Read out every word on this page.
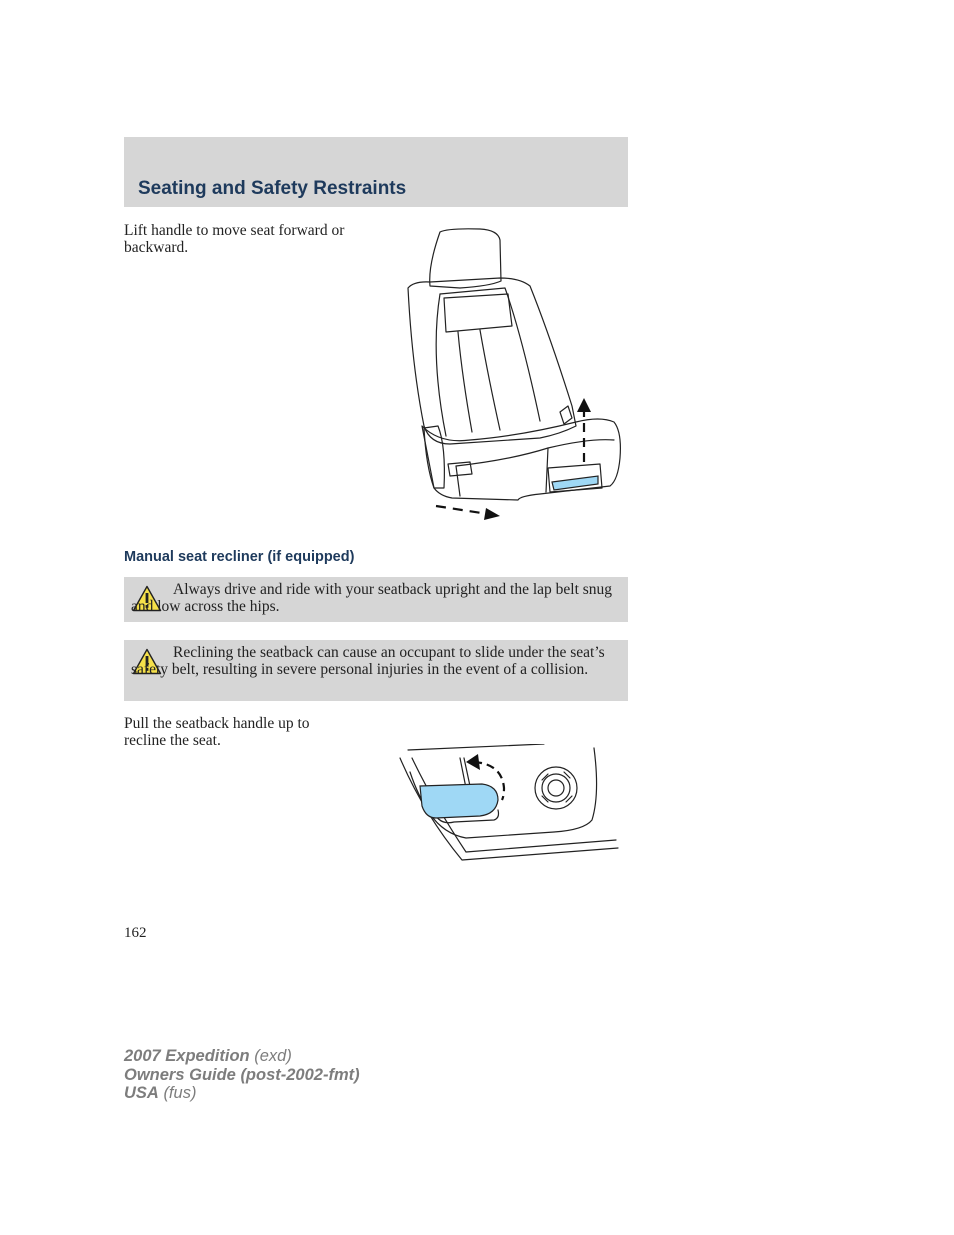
Seating and Safety Restraints
Lift handle to move seat forward or
backward.
Manual seat recliner (if equipped)
Always drive and ride with your seatback upright and the lap belt snug and low across the hips.
Reclining the seatback can cause an occupant to slide under the seat’s safety belt, resulting in severe personal injuries in the event of a collision.
Pull the seatback handle up to
recline the seat.
162
2007 Expedition (exd)
Owners Guide (post-2002-fmt)
USA (fus)
